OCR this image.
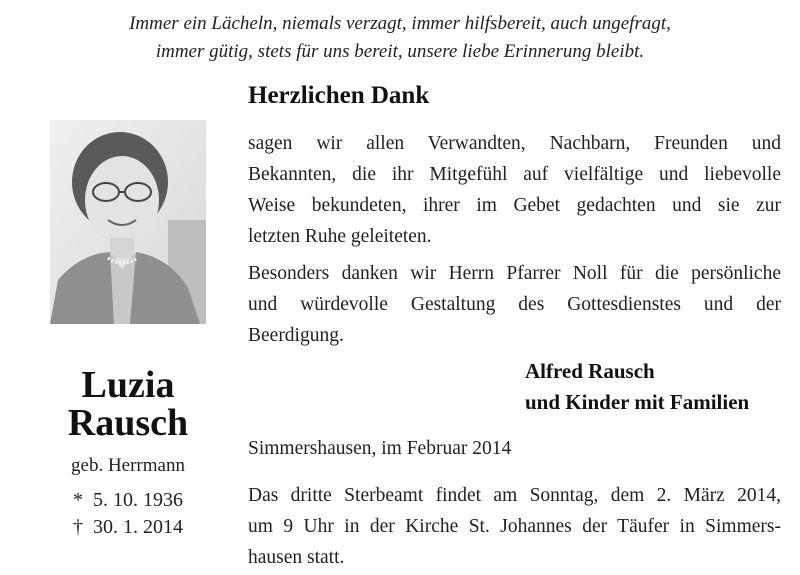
Immer ein Lächeln, niemals verzagt, immer hilfsbereit, auch ungefragt,
immer gütig, stets für uns bereit, unsere liebe Erinnerung bleibt.
Herzlichen Dank
Luzia
Rausch
geb. Herrmann
* 5. 10. 1936
† 30. 1. 2014
sagen wir allen Verwandten, Nachbarn, Freunden und
Bekannten, die ihr Mitgefühl auf vielfältige und liebevolle
Weise bekundeten, ihrer im Gebet gedachten und sie zur
letzten Ruhe geleiteten.
Besonders danken wir Herrn Pfarrer Noll für die persönliche
und würdevolle Gestaltung des Gottesdienstes und der
Beerdigung.
Alfred Rausch
und Kinder mit Familien
Simmershausen, im Februar 2014
Das dritte Sterbeamt findet am Sonntag, dem 2. März 2014,
um 9 Uhr in der Kirche St. Johannes der Täufer in Simmers-
hausen statt.
